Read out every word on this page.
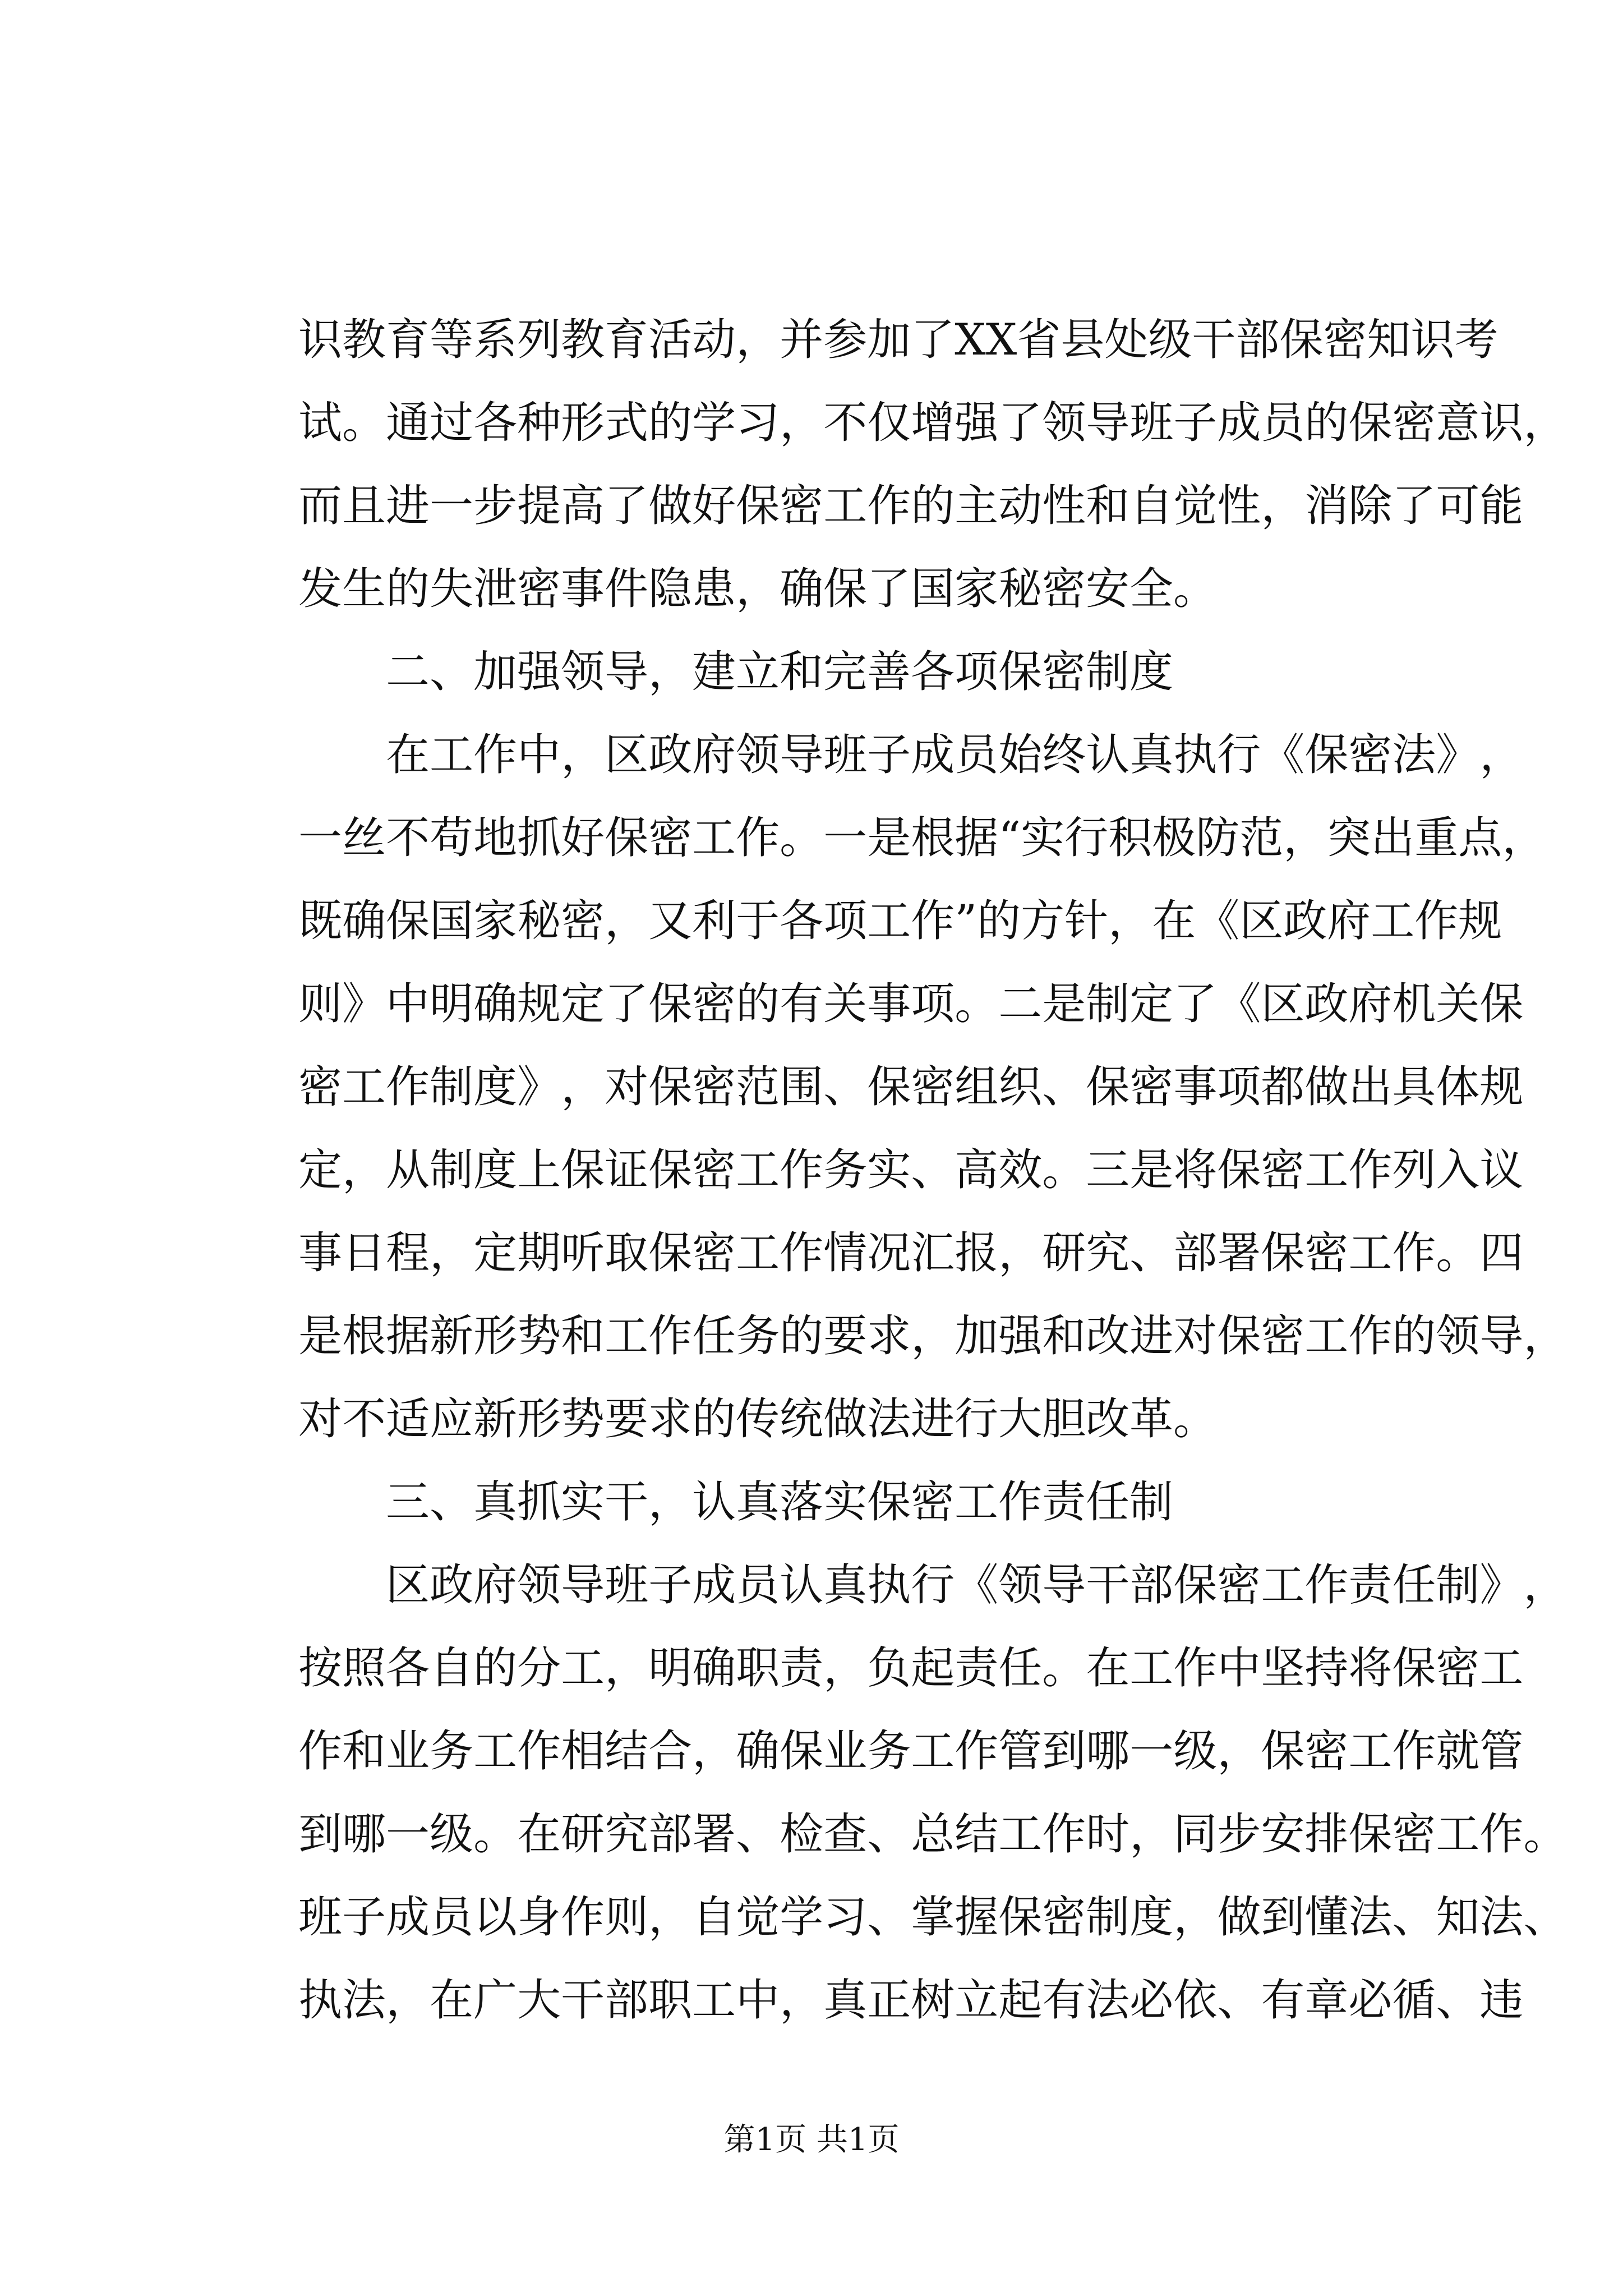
识 教 育 等 系 列 教 育 活 动 ， 并 参 加 了 X X 省 县 处 级 干 部 保 密 知 识 考
试 。 通 过 各 种 形 式 的 学 习 ， 不 仅 增 强 了 领 导 班 子 成 员 的 保 密 意 识 ，
而 且 进 一 步 提 高 了 做 好 保 密 工 作 的 主 动 性 和 自 觉 性 ， 消 除 了 可 能
发生的失泄密事件隐患，确保了国家秘密安全。
二、加强领导，建立和完善各项保密制度
在 工 作 中 ， 区 政 府 领 导 班 子 成 员 始 终 认 真 执 行 《 保 密 法 》 ，
一 丝 不 苟 地 抓 好 保 密 工 作 。 一 是 根 据 “ 实 行 积 极 防 范 ， 突 出 重 点 ，
既 确 保 国 家 秘 密 ， 又 利 于 各 项 工 作 ” 的 方 针 ， 在 《 区 政 府 工 作 规
则 》 中 明 确 规 定 了 保 密 的 有 关 事 项 。 二 是 制 定 了 《 区 政 府 机 关 保
密 工 作 制 度 》 ， 对 保 密 范 围 、 保 密 组 织 、 保 密 事 项 都 做 出 具 体 规
定 ， 从 制 度 上 保 证 保 密 工 作 务 实 、 高 效 。 三 是 将 保 密 工 作 列 入 议
事 日 程 ， 定 期 听 取 保 密 工 作 情 况 汇 报 ， 研 究 、 部 署 保 密 工 作 。 四
是 根 据 新 形 势 和 工 作 任 务 的 要 求 ， 加 强 和 改 进 对 保 密 工 作 的 领 导 ，
对不适应新形势要求的传统做法进行大胆改革。
三、真抓实干，认真落实保密工作责任制
区 政 府 领 导 班 子 成 员 认 真 执 行 《 领 导 干 部 保 密 工 作 责 任 制 》 ，
按 照 各 自 的 分 工 ， 明 确 职 责 ， 负 起 责 任 。 在 工 作 中 坚 持 将 保 密 工
作 和 业 务 工 作 相 结 合 ， 确 保 业 务 工 作 管 到 哪 一 级 ， 保 密 工 作 就 管
到 哪 一 级 。 在 研 究 部 署 、 检 查 、 总 结 工 作 时 ， 同 步 安 排 保 密 工 作 。
班 子 成 员 以 身 作 则 ， 自 觉 学 习 、 掌 握 保 密 制 度 ， 做 到 懂 法 、 知 法 、
执 法 ， 在 广 大 干 部 职 工 中 ， 真 正 树 立 起 有 法 必 依 、 有 章 必 循 、 违
第1页 共1页
